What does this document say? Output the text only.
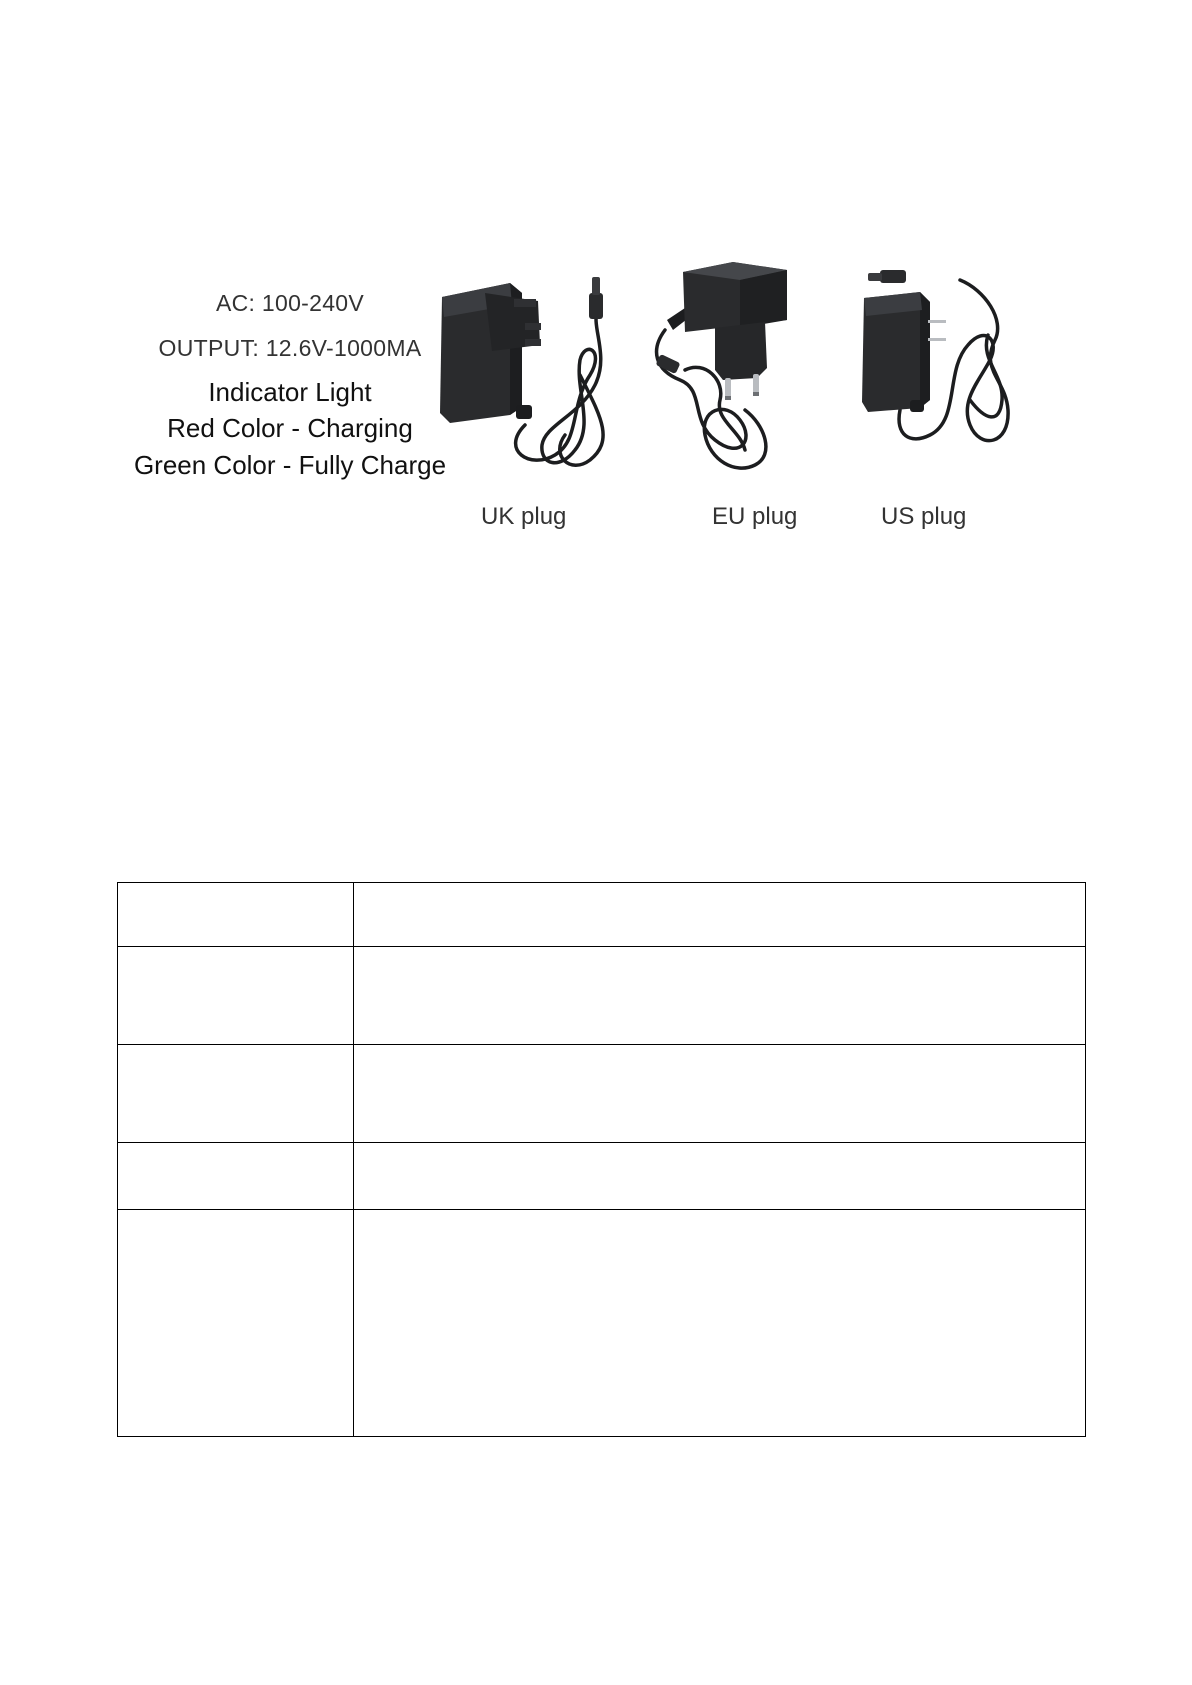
AC: 100-240V
OUTPUT: 12.6V-1000MA
Indicator Light
Red Color - Charging
Green Color - Fully Charge
UK plug	EU plug	US plug
